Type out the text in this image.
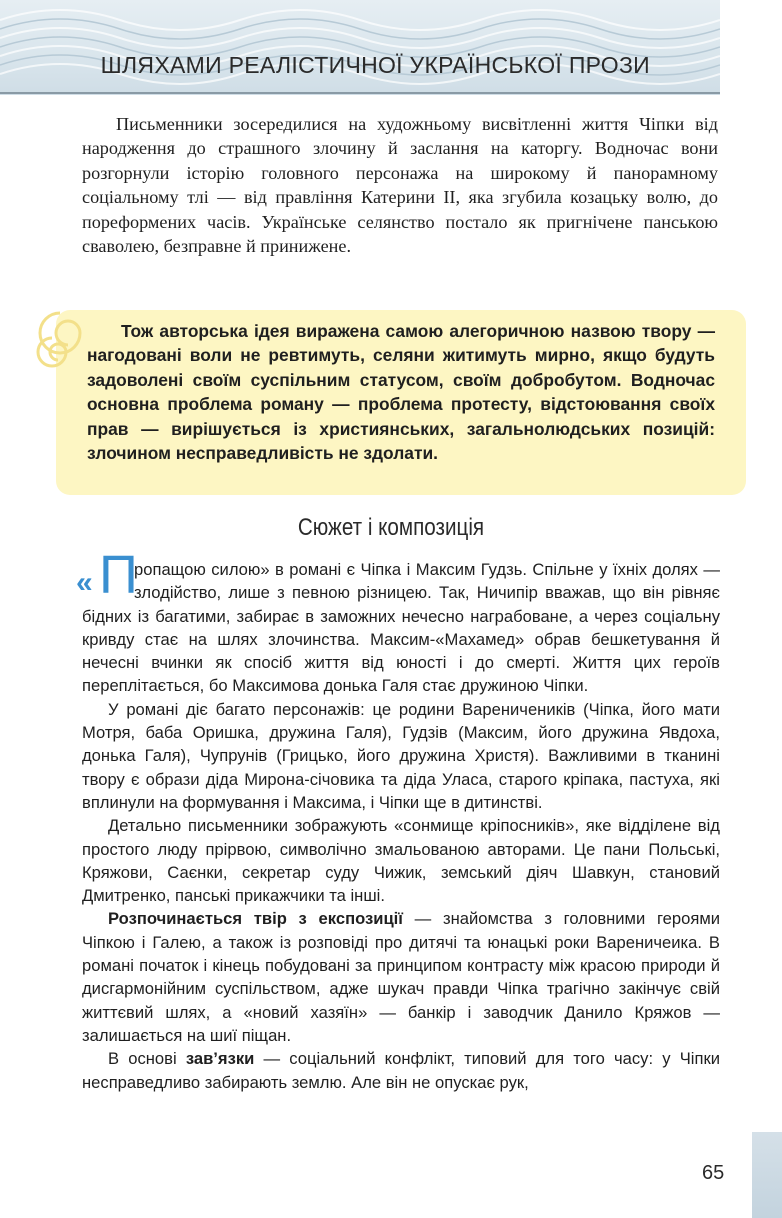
ШЛЯХАМИ РЕАЛІСТИЧНОЇ УКРАЇНСЬКОЇ ПРОЗИ

Письменники зосередилися на художньому висвітленні життя Чіпки від народження до страшного злочину й заслання на каторгу. Водночас вони розгорнули історію головного персонажа на широкому й панорамному соціальному тлі — від правління Катерини ІІ, яка згубила козацьку волю, до пореформених часів. Українське селянство постало як пригнічене панською сваволею, безправне й принижене.

Тож авторська ідея виражена самою алегоричною назвою твору — нагодовані воли не ревтимуть, селяни житимуть мирно, якщо будуть задоволені своїм суспільним статусом, своїм добробутом. Водночас основна проблема роману — проблема протесту, відстоювання своїх прав — вирішується із християнських, загальнолюдських позицій: злочином несправедливість не здолати.

Сюжет і композиція
« П

ропащою силою» в романі є Чіпка і Максим Гудзь. Спільне у їхніх долях — злодійство, лише з певною різницею. Так, Ничипір вважав, що він рівняє бідних із багатими, забирає в заможних нечесно награбоване, а через соціальну кривду стає на шлях злочинства. Максим-«Махамед» обрав бешкетування й нечесні вчинки як спосіб життя від юності і до смерті. Життя цих героїв переплітається, бо Максимова донька Галя стає дружиною Чіпки.

У романі діє багато персонажів: це родини Вареничеників (Чіпка, його мати Мотря, баба Оришка, дружина Галя), Гудзів (Максим, його дружина Явдоха, донька Галя), Чупрунів (Грицько, його дружина Христя). Важливими в тканині твору є образи діда Мирона-січовика та діда Уласа, старого кріпака, пастуха, які вплинули на формування і Максима, і Чіпки ще в дитинстві.

Детально письменники зображують «сонмище кріпосників», яке відділене від простого люду прірвою, символічно змальованою авторами. Це пани Польські, Кряжови, Саєнки, секретар суду Чижик, земський діяч Шавкун, становий Дмитренко, панські прикажчики та інші.

Розпочинається твір з експозиції — знайомства з головними героями Чіпкою і Галею, а також із розповіді про дитячі та юнацькі роки Вареничеика. В романі початок і кінець побудовані за принципом контрасту між красою природи й дисгармонійним суспільством, адже шукач правди Чіпка трагічно закінчує свій життєвий шлях, а «новий хазяїн» — банкір і заводчик Данило Кряжов — залишається на шиї піщан.

В основі зав’язки — соціальний конфлікт, типовий для того часу: у Чіпки несправедливо забирають землю. Але він не опускає рук,

65
